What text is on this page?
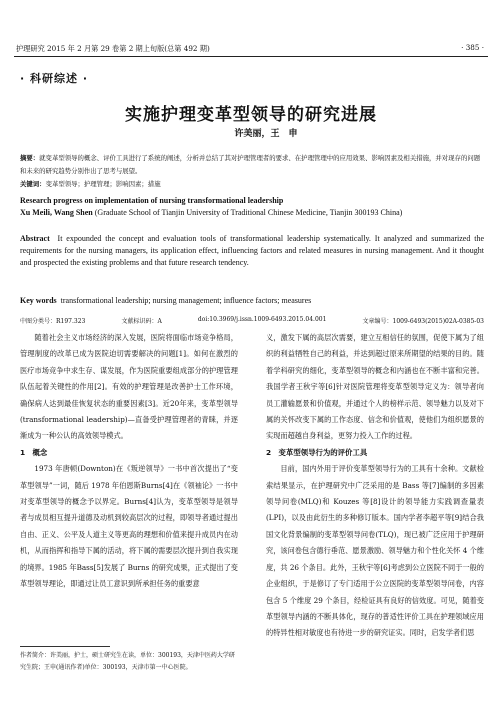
护理研究 2015 年 2 月第 29 卷第 2 期上旬版(总第 492 期)	· 385 ·
· 科研综述 ·
实施护理变革型领导的研究进展
许美丽，王　申
摘要：就变革型领导的概念、评价工具进行了系统的阐述，分析并总结了其对护理管理者的要求、在护理管理中的应用效果、影响因素及相关措施，并对现存的问题和未来的研究趋势分别作出了思考与展望。
关键词：变革型领导；护理管理；影响因素；措施
Research progress on implementation of nursing transformational leadership
Xu Meili, Wang Shen (Graduate School of Tianjin University of Traditional Chinese Medicine, Tianjin 300193 China)
Abstract It expounded the concept and evaluation tools of transformational leadership systematically. It analyzed and summarized the requirements for the nursing managers, its application effect, influencing factors and related measures in nursing management. And it thought and prospected the existing problems and that future research tendency.
Key words transformational leadership; nursing management; influence factors; measures
中图分类号：R197.323	文献标识码：A	doi:10.3969/j.issn.1009-6493.2015.04.001	文章编号：1009-6493(2015)02A-0385-03

随着社会主义市场经济的深入发展，医院将面临市场竞争格局，管理制度的改革已成为医院迫切需要解决的问题[1]。如何在激烈的医疗市场竞争中求生存、谋发展，作为医院重要组成部分的护理管理队伍起着关键性的作用[2]。有效的护理管理是改善护士工作环境，确保病人达到最佳恢复状态的重要因素[3]。近20年来，变革型领导(transformational leadership)—直备受护理管理者的青睐，并逐渐成为一种公认的高效领导模式。

1　概念

1973 年唐顿(Downton)在《叛逆领导》一书中首次提出了“变革型领导”一词，随后 1978 年伯恩斯Burns[4]在《领袖论》一书中对变革型领导的概念予以界定。Burns[4]认为，变革型领导是领导者与成员相互提升道德及动机到较高层次的过程，即领导者通过提出自由、正义、公平及人道主义等更高的理想和价值来提升成员内在动机，从而指挥和指导下属的活动，将下属的需要层次提升到自我实现的境界。1985 年Bass[5]发展了 Burns 的研究成果，正式提出了变革型领导理论，即通过让员工意识到所承担任务的重要意

义，激发下属的高层次需要，建立互相信任的氛围，促使下属为了组织的利益牺牲自己的利益，并达到超过原来所期望的结果的目的。随着学科研究的细化，变革型领导的概念和内涵也在不断丰富和完善。我国学者王秋宇等[6]针对医院管理将变革型领导定义为：领导者向员工灌输愿景和价值观，并通过个人的榜样示范、领导魅力以及对下属的关怀改变下属的工作态度、信念和价值观，使他们为组织愿景的实现而超越自身利益，更努力投入工作的过程。

2　变革型领导行为的评价工具

目前，国内外用于评价变革型领导行为的工具有十余种。文献检索结果显示，在护理研究中广泛采用的是 Bass 等[7]编制的多因素领导问卷(MLQ)和 Kouzes 等[8]设计的领导能力实践调查量表(LPI)，以及由此衍生的多种修订版本。国内学者李超平等[9]结合我国文化背景编制的变革型领导问卷(TLQ)，现已被广泛应用于护理研究，该问卷包含德行垂范、愿景激励、领导魅力和个性化关怀 4 个维度，共 26 个条目。此外，王秋宇等[6]考虑到公立医院不同于一般的企业组织，于是修订了专门适用于公立医院的变革型领导问卷，内容包含 5 个维度 29 个条目，经检证具有良好的信效度。可见，随着变革型领导内涵的不断具体化，现存的普适性评价工具在护理领域应用的特异性相对敏度也有待进一步的研究证实。同时，启发学者们思

作者简介：许美丽，护士，硕士研究生在读，单位：300193，天津中医药大学研究生院；王申(通讯作者)单位：300193，天津市第一中心医院。
